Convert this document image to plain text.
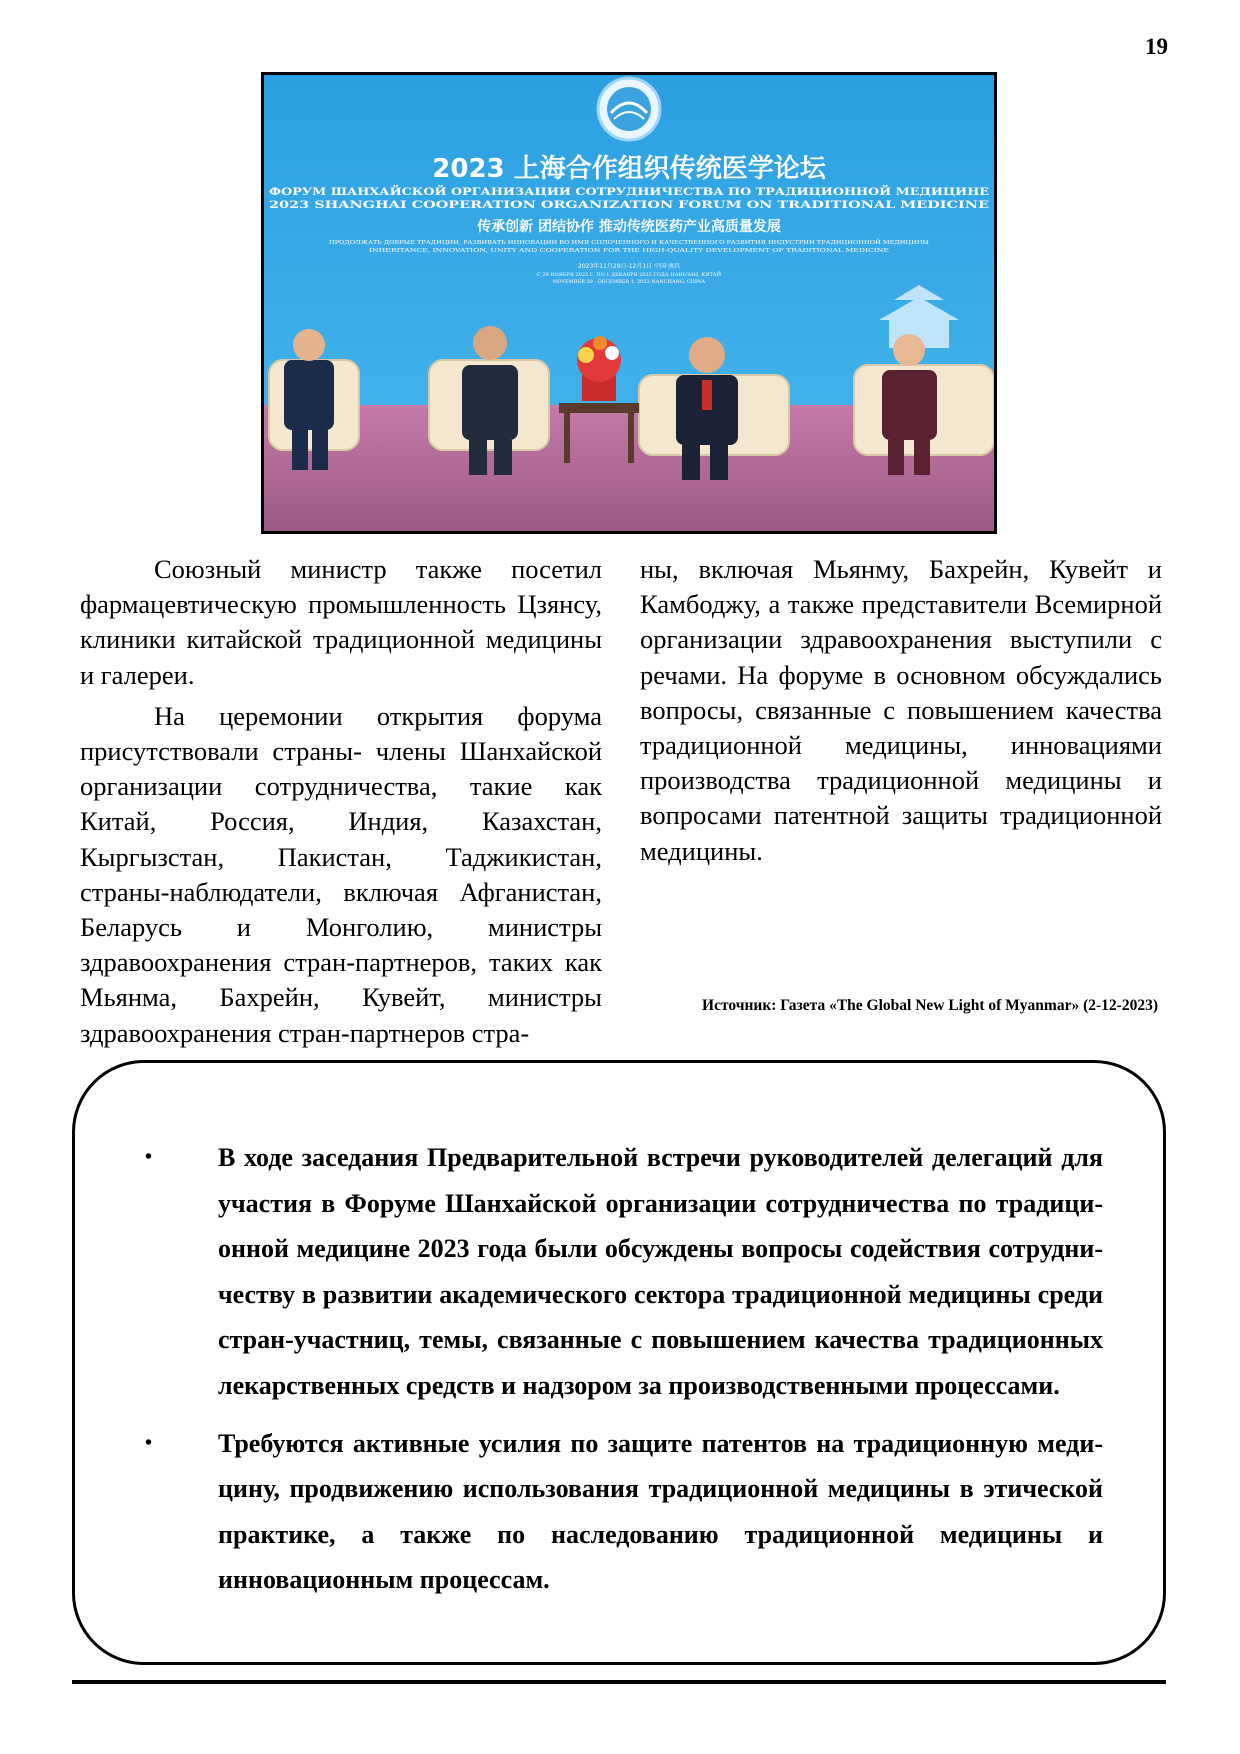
19
2023 上海合作组织传统医学论坛
ФОРУМ ШАНХАЙСКОЙ ОРГАНИЗАЦИИ СОТРУДНИЧЕСТВА ПО ТРАДИЦИОННОЙ МЕДИЦИНЕ
2023 SHANGHAI COOPERATION ORGANIZATION FORUM ON TRADITIONAL MEDICINE
传承创新 团结协作 推动传统医药产业高质量发展
ПРОДОЛЖАТЬ ДОБРЫЕ ТРАДИЦИИ, РАЗВИВАТЬ ИННОВАЦИИ ВО ИМЯ СПЛОЧЕННОГО И КАЧЕСТВЕННОГО РАЗВИТИЯ ИНДУСТРИИ ТРАДИЦИОННОЙ МЕДИЦИНЫ
INHERITANCE, INNOVATION, UNITY AND COOPERATION FOR THE HIGH-QUALITY DEVELOPMENT OF TRADITIONAL MEDICINE
2023年11月29日-12月1日 中国·南昌
С 29 НОЯБРЯ 2023 Г. ПО 1 ДЕКАБРЯ 2023 ГОДА НАНЬЧАН, КИТАЙ
NOVEMBER 29 - DECEMBER 1, 2023 NANCHANG, CHINA

Союзный министр также посетил фармацевтическую промышленность Цзянсу, клиники китайской традиционной медицины и галереи.

На церемонии открытия форума присутствовали страны- члены Шанхайской организации сотрудничества, такие как Китай, Россия, Индия, Казахстан, Кыргызстан, Пакистан, Таджикистан, страны-наблюдатели, включая Афганистан, Беларусь и Монголию, министры здравоохранения стран-партнеров, таких как Мьянма, Бахрейн, Кувейт, министры здравоохранения стран-партнеров стра-

ны, включая Мьянму, Бахрейн, Кувейт и Камбоджу, а также представители Всемирной организации здравоохранения выступили с речами. На форуме в основном обсуждались вопросы, связанные с повышением качества традиционной медицины, инновациями производства традиционной медицины и вопросами патентной защиты традиционной медицины.

Источник: Газета «The Global New Light of Myanmar» (2-12-2023)
•	В ходе заседания Предварительной встречи руководителей делегаций для участия в Форуме Шанхайской организации сотрудничества по традиционной медицине 2023 года были обсуждены вопросы содействия сотрудничеству в развитии академического сектора традиционной медицины среди стран-участниц, темы, связанные с повышением качества традиционных лекарственных средств и надзором за производственными процессами.
•	Требуются активные усилия по защите патентов на традиционную медицину, продвижению использования традиционной медицины в этической практике, а также по наследованию традиционной медицины и инновационным процессам.
